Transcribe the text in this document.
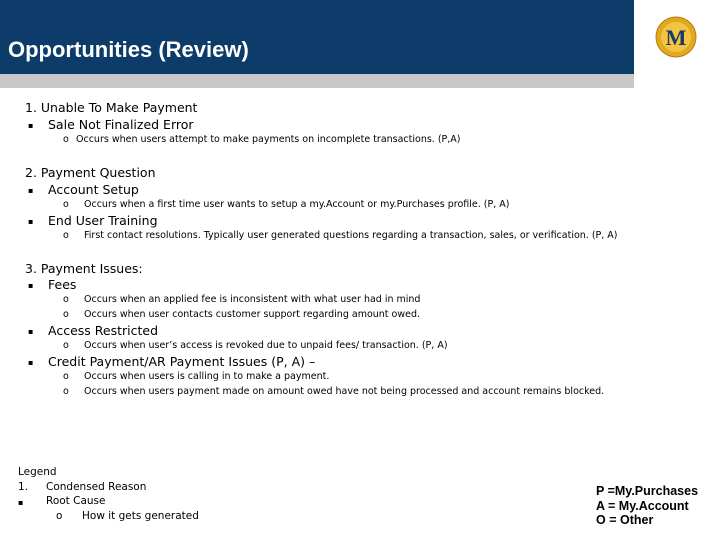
Opportunities (Review)	M
1. Unable To Make Payment
▪ Sale Not Finalized Error
o Occurs when users attempt to make payments on incomplete transactions. (P,A)
2. Payment Question
▪ Account Setup
o Occurs when a first time user wants to setup a my.Account or my.Purchases profile. (P, A)
▪ End User Training
o First contact resolutions. Typically user generated questions regarding a transaction, sales, or verification. (P, A)
3. Payment Issues:
▪ Fees
o Occurs when an applied fee is inconsistent with what user had in mind
o Occurs when user contacts customer support regarding amount owed.
▪ Access Restricted
o Occurs when user’s access is revoked due to unpaid fees/ transaction. (P, A)
▪ Credit Payment/AR Payment Issues (P, A) –
o Occurs when users is calling in to make a payment.
o Occurs when users payment made on amount owed have not being processed and account remains blocked.
Legend
1. Condensed Reason
▪ Root Cause
o How it gets generated
P =My.Purchases
A = My.Account
O = Other
